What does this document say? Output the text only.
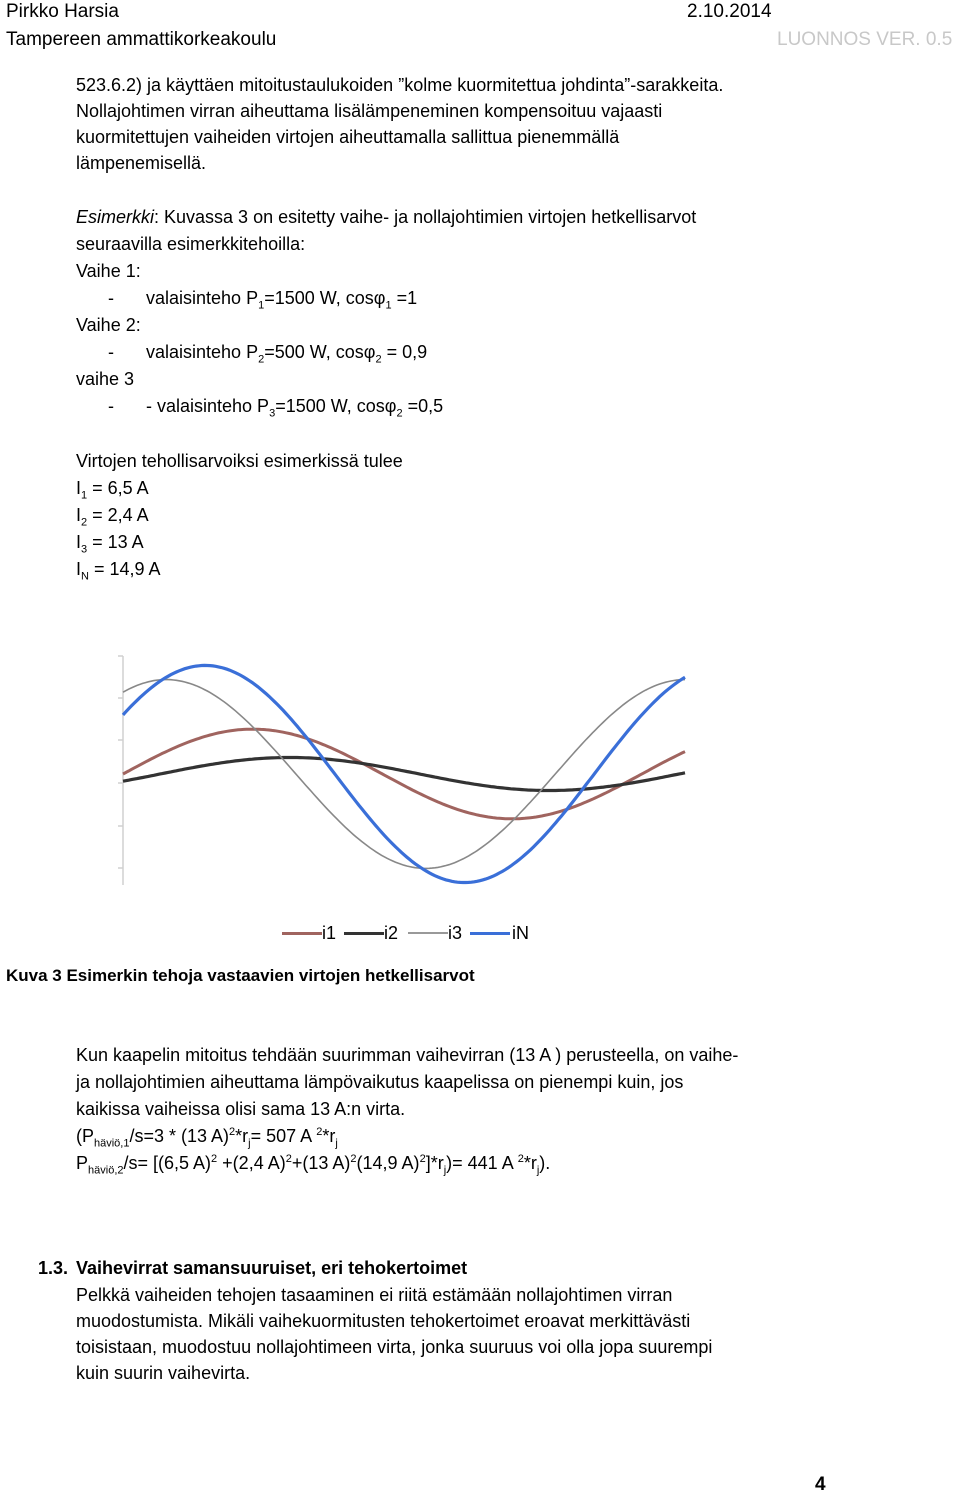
Pirkko Harsia	2.10.2014
Tampereen ammattikorkeakoulu	LUONNOS VER. 0.5
523.6.2) ja käyttäen mitoitustaulukoiden ”kolme kuormitettua johdinta”-sarakkeita.
Nollajohtimen virran aiheuttama lisälämpeneminen kompensoituu vajaasti
kuormitettujen vaiheiden virtojen aiheuttamalla sallittua pienemmällä
lämpenemisellä.
Esimerkki: Kuvassa 3 on esitetty vaihe- ja nollajohtimien virtojen hetkellisarvot
seuraavilla esimerkkitehoilla:
Vaihe 1:
- valaisinteho $P_1=1500$ W, cosφ$_1$ =1
Vaihe 2:
- valaisinteho $P_2=500$ W, cosφ$_2$ = 0,9
vaihe 3
- - valaisinteho $P_3=1500$ W, cosφ$_2$ =0,5
Virtojen tehollisarvoiksi esimerkissä tulee
$I_1 = 6,5$ A
$I_2 = 2,4$ A
$I_3 = 13$ A
$I_N = 14,9$ A
i1	i2	i3	iN
Kuva 3 Esimerkin tehoja vastaavien virtojen hetkellisarvot
Kun kaapelin mitoitus tehdään suurimman vaihevirran (13 A ) perusteella, on vaihe-
ja nollajohtimien aiheuttama lämpövaikutus kaapelissa on pienempi kuin, jos
kaikissa vaiheissa olisi sama 13 A:n virta.
($P_{häviö,1}/s=3 * (13$ $A)^2*r_j= 507$ A $^2*r_j$
$P_{häviö,2}/s= [(6,5$ A)$^2$ +(2,4 A)$^2$+(13 A)$^2$(14,9 $A)^2]*r_j)= 441$ A $^2*r_j$).
1.3. Vaihevirrat samansuuruiset, eri tehokertoimet
Pelkkä vaiheiden tehojen tasaaminen ei riitä estämään nollajohtimen virran
muodostumista. Mikäli vaihekuormitusten tehokertoimet eroavat merkittävästi
toisistaan, muodostuu nollajohtimeen virta, jonka suuruus voi olla jopa suurempi
kuin suurin vaihevirta.
4
